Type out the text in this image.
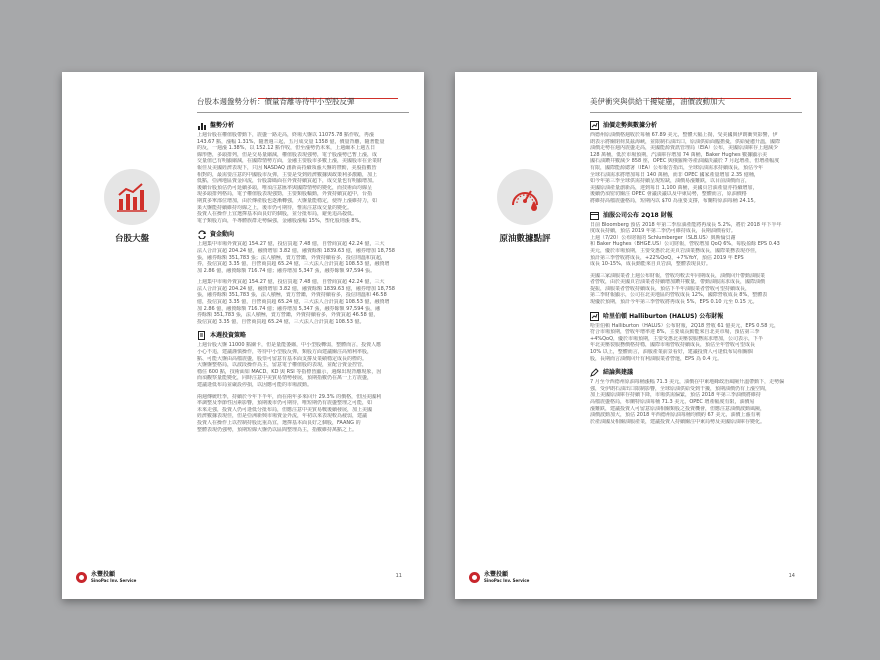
台股大盤
台股本週盤勢分析：價量背離等待中小型股反彈
盤勢分析
上週台股在權值股帶動下，震盪一路走高，終場大盤以 11075.78 點作收，再漲
143.67 點，漲幅 1.31%，隨著週三起，五月成交量 1358 億，價量背離，隨著能量
的反，一週漲 1.38%，以 152.12 點作收，但至漲勢仍未來，上週爾本上週五日
線形態，多頭排列，但是交易量縮減，權值股表現強勢，電子股漲勢已暫上漲，成
交量值已有明顯縮減，在國際情勢方面，金融主要股市多數上漲，美國股市在企業財
報佳及美國經濟表現下，只因 NASDAQ 創新高持續領漲大盤的帶動，美股指數皆
相對的，最需要注意的中國股市反彈，主要是受到經濟數據與政策利多激勵，加上
低點，亞洲地區資金回流，台股籌碼面在外資持續買超下，成交量也有明顯增加。
後續台股預估仍可延續多頭，唯須注意匯率與國際情勢的變化，而技術面均線呈
現多頭排列格局，電子權值股表現強勁，主要類股輪動，外資持續買超中，台指
期貨多單部位增加，由於傳產股也逐漸轉強，大盤量能穩定，使得上漲維持力，如
果大盤能持續維持均線之上，後市仍可期待，惟需注意成交量的變化。
投資人在操作上宜選擇基本面良好的個股，並分批布局，避免追高殺低。
電子類股方面，半導體族群走勢偏強，金融股漲幅 15%，塑化股則漲 8%。
資金動向
上週集中市場外資買超 154.27 億，投信買超 7.48 億，自營商買超 42.24 億，三大
法人合計買超 204.24 億，融資增加 3.82 億，融資餘額 1839.63 億，融券增加 18,758
張，融券餘額 351,783 張；法人積極，賣方營鑑，外資持續看多，投信則溫和買超，
券，投信買超 3.35 億，自營商買超 65.24 億，三大法人合計買超 108.53 億，融資增
加 2.86 億，融資餘額 716.74 億；融券增加 5,347 張，融券餘額 97,594 張。
上週集中市場外資買超 154.27 億，投信買超 7.48 億，自營商買超 42.24 億，三大
法人合計買超 204.24 億，融資增加 3.82 億，融資餘額 1839.63 億，融券增加 18,758
張，融券餘額 351,783 張，法人積極，賣方營鑑，外資持續看多，投信則溫和 46.58
億，投信買超 3.35 億，自營商買超 65.24 億，三大法人合計買超 108.53 億，融資增
加 2.86 億，融資餘額 716.74 億；融券增加 5,347 張，融券餘額 97,594 張，融
券餘額 351,783 張，法人積極，賣方營鑑，外資持續看多，外資買超 46.58 億，
投信買超 3.35 億，自營商買超 65.24 億，三大法人合計買超 108.53 億。
本週投資策略
上週台股大盤 11000 點關卡，但是量能萎縮，中小型股轉弱，整體而言，投資人應
小心不追，建議謹慎操作，等待中小型股反彈，類股方面建議關注高殖利率股，
點、可能大盤由高檔震盪，股票可留意有基本面支撐及業績穩定成長的標的。
大盤盤整格局，以波段操作為主，留意電子權值股的表現，並配合資金控管，
穩住 600 點，技術面如 MACD、KD 與 RSI 等指標皆顯示，週線出現背離現象，因
而須觀察量能變化，同時注意中美貿易情勢發展，預期指數仍在萬一上方震盪，
建議逢低布局並嚴設停損，以因應可能的市場波動。
兩週傳統旺季，持續於今年下半年，而在兩年多來回升 29.3% 的價格，但因美國利
率調整及季節性因素影響，預期後市仍可期待，唯短期仍有震盪整理之可能，如
未來走強，投資人仍可逢低分批布局，但應注意中美貿易戰後續發展，加上美國
經濟數據表現佳，但是亞洲新興市場資金外流，年初以來表現較為疲弱，建議
投資人在操作上以控制持股比重為宜，選擇基本面良好之個股，FAANG 的
整體表現仍強勢，預期短線大盤仍以區間整理為主，指數維持萬點之上。
永豐投顧
SinoPac Inv. Service
11
原油數據點評
美伊衝突與供給干擾疑慮，油價波動加大
油價走勢與數據分析
西德州原油價格週收於每桶 67.89 美元，整體大幅上揚，受美國與伊朗衝突影響，伊
朗表示將關閉荷莫茲海峽，並限制石油出口，原油供給面臨擔憂，供給疑慮升溫，國際
油價走勢在週內震盪走高，美國能源資訊管理局（EIA）公布，美國原油庫存上週減少
128 萬桶，低於市場預期，汽油庫存增加 74 萬桶，Baker Hughes 數據顯示美
國石油鑽井數減少 858 座，OPEC 與俄羅斯等產油國決議於 7 月起增產，但增產幅度
有限，國際能源總署（IEA）公布報告指出，全球原油需求持續成長，預估今年
全球石油需求將增加每日 140 萬桶，而非 OPEC 國家產量增加 2.35 億桶，
如今年第三季全球供需持續呈現短缺，油價易漲難跌，以目前油價而言，
美國原油產量創新高，達到每日 1,100 萬桶，美國頁岩油產量亦持續增加，
後續仍須密切關注 OPEC 會議決議以及中東局勢，整體而言，原油價格
將維持高檔震盪格局，短期內以 $70 為重要支撐，布蘭特原油每桶 24.15。
油服公司公布 2Q18 財報
日前 Bloomberg 預估 2018 年第二季原油產能將再成長 5.2%，將於 2018 年下半年
度成長持續，預估 2019 年第二季仍可維持成長，長期油價看好。
上週（7/20）公布財報的 Schlumberger（SLB.US）與斯倫貝謝
和 Baker Hughes（BHGE.US）公司財報，營收增加 QoQ 6%，每股盈餘 EPS 0.43
美元，優於市場預期，主要受惠於北美頁岩油業務成長，國際業務表現亦佳，
預計第三季營收將成長，+22%QoQ，+7%YoY，預估 2019 年 EPS
成長 10-15%，成長動能來自頁岩油，整體表現良好。
美國三家油服業者上週公布財報，營收均較去年同期成長，油價回升帶動油服業
者營收，由於美國頁岩油業者持續增加鑽井數量，帶動油服需求成長，國際油價
提振，油服業者營收持續成長，預估下半年油服業者營收可望持續成長，
第二季財報顯示，公司在北美地區的營收成長 12%，國際營收成長 8%，整體表
現優於預期，預計今年第三季營收將再成長 5%，EPS 0.10 元至 0.15 元。
哈里伯頓 Halliburton (HALUS) 公布財報
哈里伯頓 Halliburton（HALUS）公布財報，2Q18 營收 61 億美元，EPS 0.58 元，
符合市場預期，營收年增率達 8%，主要成長動能來自北美市場，預估第三季
+4%QoQ，優於市場預期，主要受惠北美壓裂服務需求增加，公司表示，下半
年北美壓裂服務價格持穩，國際市場營收持續成長，預估全年營收可望成長
10% 以上，整體而言，油服產業前景看好，建議投資人可逢低布局相關個
股，長期而言油價回升有利油服業者營運，EPS 為 0.4 元。
結論與建議
7 月至今西德州原油每桶漲幅 71.3 美元，油價在中東地緣政治風險升溫帶動下，走勢偏
強，受伊朗石油出口限制影響，全球原油供給受到干擾，預期油價仍有上漲空間，
加上美國原油庫存持續下降，市場供需偏緊，預估 2018 年第三季油價將維持
高檔震盪格局，布蘭特原油每桶 71.3 美元，OPEC 增產幅度有限，油價易
漲難跌，建議投資人可留意原油相關類股之投資機會，但應注意油價波動風險，
油價波動加大，預估 2018 年西德州原油每桶均價約 67 美元，油價上漲有利
於產油國及相關油服產業，建議投資人持續關注中東局勢及美國原油庫存變化。
永豐投顧
SinoPac Inv. Service
14
